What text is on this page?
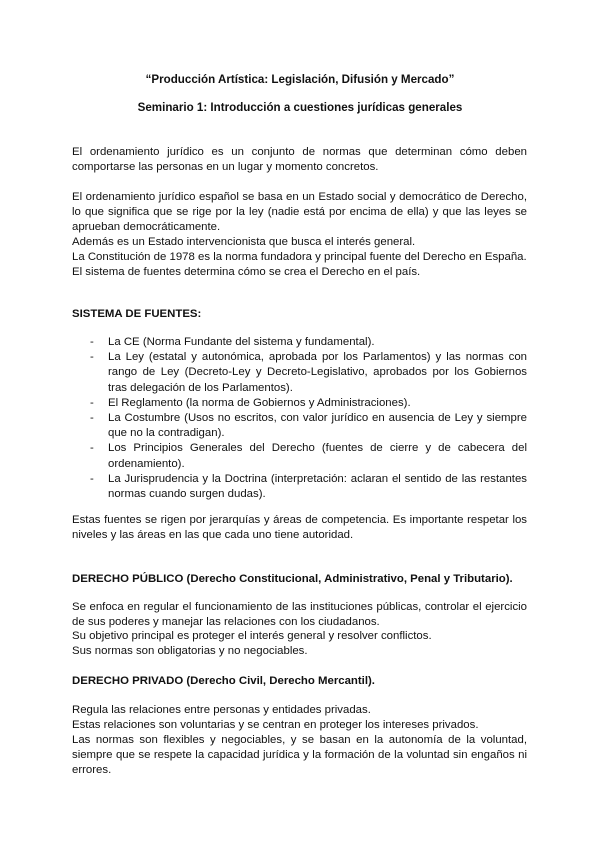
“Producción Artística: Legislación, Difusión y Mercado”
Seminario 1: Introducción a cuestiones jurídicas generales

El ordenamiento jurídico es un conjunto de normas que determinan cómo deben comportarse las personas en un lugar y momento concretos.

El ordenamiento jurídico español se basa en un Estado social y democrático de Derecho, lo que significa que se rige por la ley (nadie está por encima de ella) y que las leyes se aprueban democráticamente.

Además es un Estado intervencionista que busca el interés general.

La Constitución de 1978 es la norma fundadora y principal fuente del Derecho en España.

El sistema de fuentes determina cómo se crea el Derecho en el país.

SISTEMA DE FUENTES:
- La CE (Norma Fundante del sistema y fundamental).
- La Ley (estatal y autonómica, aprobada por los Parlamentos) y las normas con rango de Ley (Decreto-Ley y Decreto-Legislativo, aprobados por los Gobiernos tras delegación de los Parlamentos).
- El Reglamento (la norma de Gobiernos y Administraciones).
- La Costumbre (Usos no escritos, con valor jurídico en ausencia de Ley y siempre que no la contradigan).
- Los Principios Generales del Derecho (fuentes de cierre y de cabecera del ordenamiento).
- La Jurisprudencia y la Doctrina (interpretación: aclaran el sentido de las restantes normas cuando surgen dudas).

Estas fuentes se rigen por jerarquías y áreas de competencia. Es importante respetar los niveles y las áreas en las que cada uno tiene autoridad.

DERECHO PÚBLICO (Derecho Constitucional, Administrativo, Penal y Tributario).

Se enfoca en regular el funcionamiento de las instituciones públicas, controlar el ejercicio de sus poderes y manejar las relaciones con los ciudadanos.

Su objetivo principal es proteger el interés general y resolver conflictos.

Sus normas son obligatorias y no negociables.

DERECHO PRIVADO (Derecho Civil, Derecho Mercantil).

Regula las relaciones entre personas y entidades privadas.

Estas relaciones son voluntarias y se centran en proteger los intereses privados.

Las normas son flexibles y negociables, y se basan en la autonomía de la voluntad, siempre que se respete la capacidad jurídica y la formación de la voluntad sin engaños ni errores.
